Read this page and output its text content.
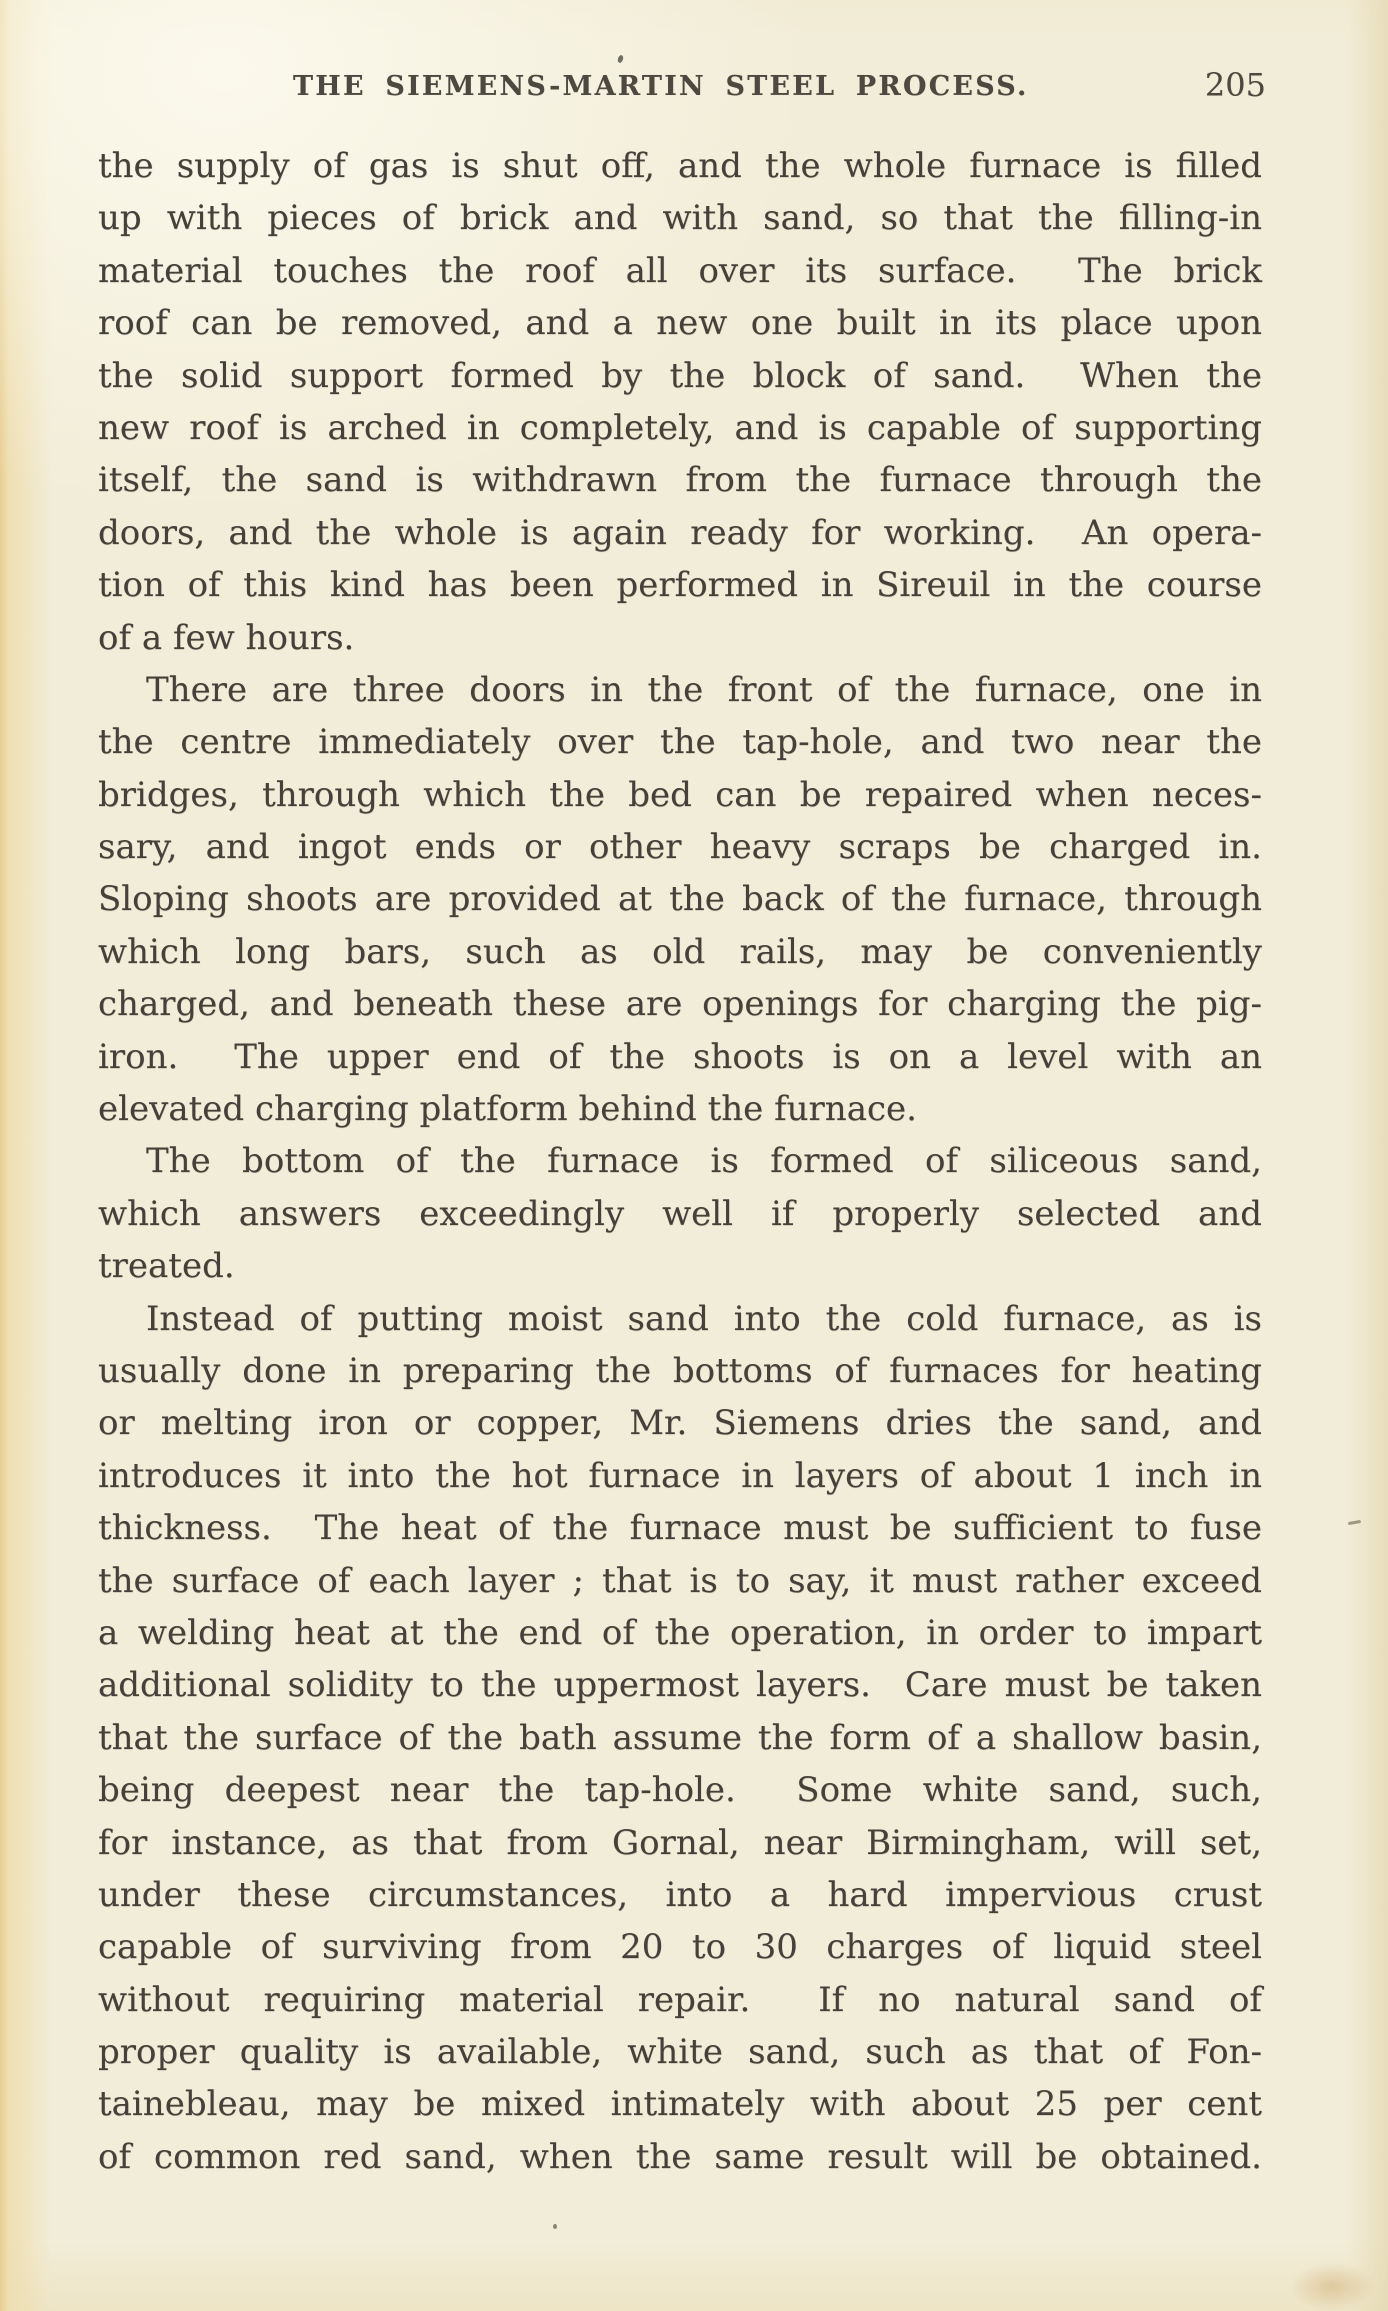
THE SIEMENS-MARTIN STEEL PROCESS.	205
the supply of gas is shut off, and the whole furnace is filled
up with pieces of brick and with sand, so that the filling-in
material touches the roof all over its surface.  The brick
roof can be removed, and a new one built in its place upon
the solid support formed by the block of sand.  When the
new roof is arched in completely, and is capable of supporting
itself, the sand is withdrawn from the furnace through the
doors, and the whole is again ready for working.  An opera-
tion of this kind has been performed in Sireuil in the course
of a few hours.
There are three doors in the front of the furnace, one in
the centre immediately over the tap-hole, and two near the
bridges, through which the bed can be repaired when neces-
sary, and ingot ends or other heavy scraps be charged in.
Sloping shoots are provided at the back of the furnace, through
which long bars, such as old rails, may be conveniently
charged, and beneath these are openings for charging the pig-
iron.  The upper end of the shoots is on a level with an
elevated charging platform behind the furnace.
The bottom of the furnace is formed of siliceous sand,
which answers exceedingly well if properly selected and
treated.
Instead of putting moist sand into the cold furnace, as is
usually done in preparing the bottoms of furnaces for heating
or melting iron or copper, Mr. Siemens dries the sand, and
introduces it into the hot furnace in layers of about 1 inch in
thickness.  The heat of the furnace must be sufficient to fuse
the surface of each layer ; that is to say, it must rather exceed
a welding heat at the end of the operation, in order to impart
additional solidity to the uppermost layers.  Care must be taken
that the surface of the bath assume the form of a shallow basin,
being deepest near the tap-hole.  Some white sand, such,
for instance, as that from Gornal, near Birmingham, will set,
under these circumstances, into a hard impervious crust
capable of surviving from 20 to 30 charges of liquid steel
without requiring material repair.  If no natural sand of
proper quality is available, white sand, such as that of Fon-
tainebleau, may be mixed intimately with about 25 per cent
of common red sand, when the same result will be obtained.
